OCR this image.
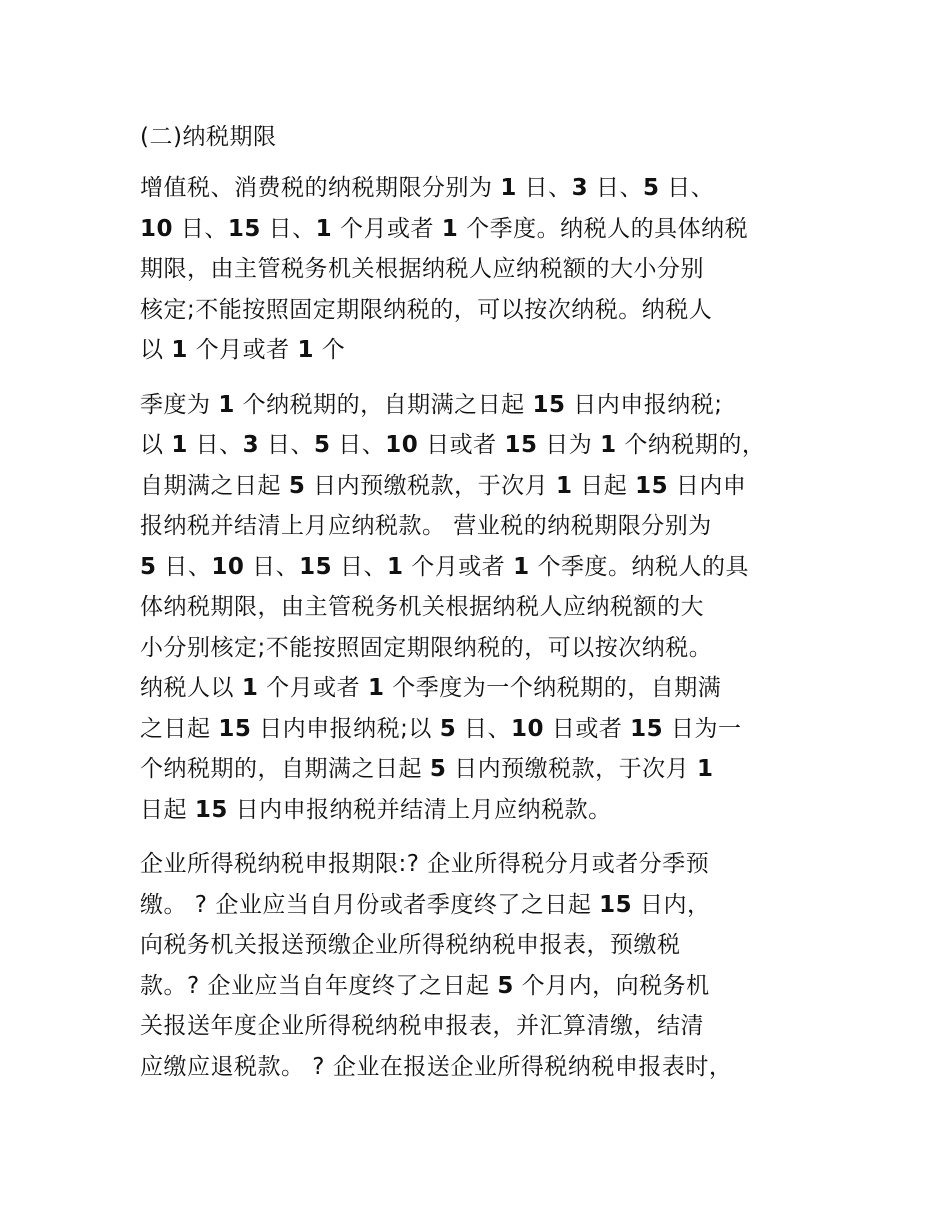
(二)纳税期限
增值税、消费税的纳税期限分别为 1 日、3 日、5 日、
10 日、15 日、1 个月或者 1 个季度。纳税人的具体纳税
期限，由主管税务机关根据纳税人应纳税额的大小分别
核定;不能按照固定期限纳税的，可以按次纳税。纳税人
以 1 个月或者 1 个
季度为 1 个纳税期的，自期满之日起 15 日内申报纳税;
以 1 日、3 日、5 日、10 日或者 15 日为 1 个纳税期的，
自期满之日起 5 日内预缴税款，于次月 1 日起 15 日内申
报纳税并结清上月应纳税款。 营业税的纳税期限分别为
5 日、10 日、15 日、1 个月或者 1 个季度。纳税人的具
体纳税期限，由主管税务机关根据纳税人应纳税额的大
小分别核定;不能按照固定期限纳税的，可以按次纳税。
纳税人以 1 个月或者 1 个季度为一个纳税期的，自期满
之日起 15 日内申报纳税;以 5 日、10 日或者 15 日为一
个纳税期的，自期满之日起 5 日内预缴税款，于次月 1
日起 15 日内申报纳税并结清上月应纳税款。
企业所得税纳税申报期限:? 企业所得税分月或者分季预
缴。 ? 企业应当自月份或者季度终了之日起 15 日内，
向税务机关报送预缴企业所得税纳税申报表，预缴税
款。? 企业应当自年度终了之日起 5 个月内，向税务机
关报送年度企业所得税纳税申报表，并汇算清缴，结清
应缴应退税款。 ? 企业在报送企业所得税纳税申报表时，
